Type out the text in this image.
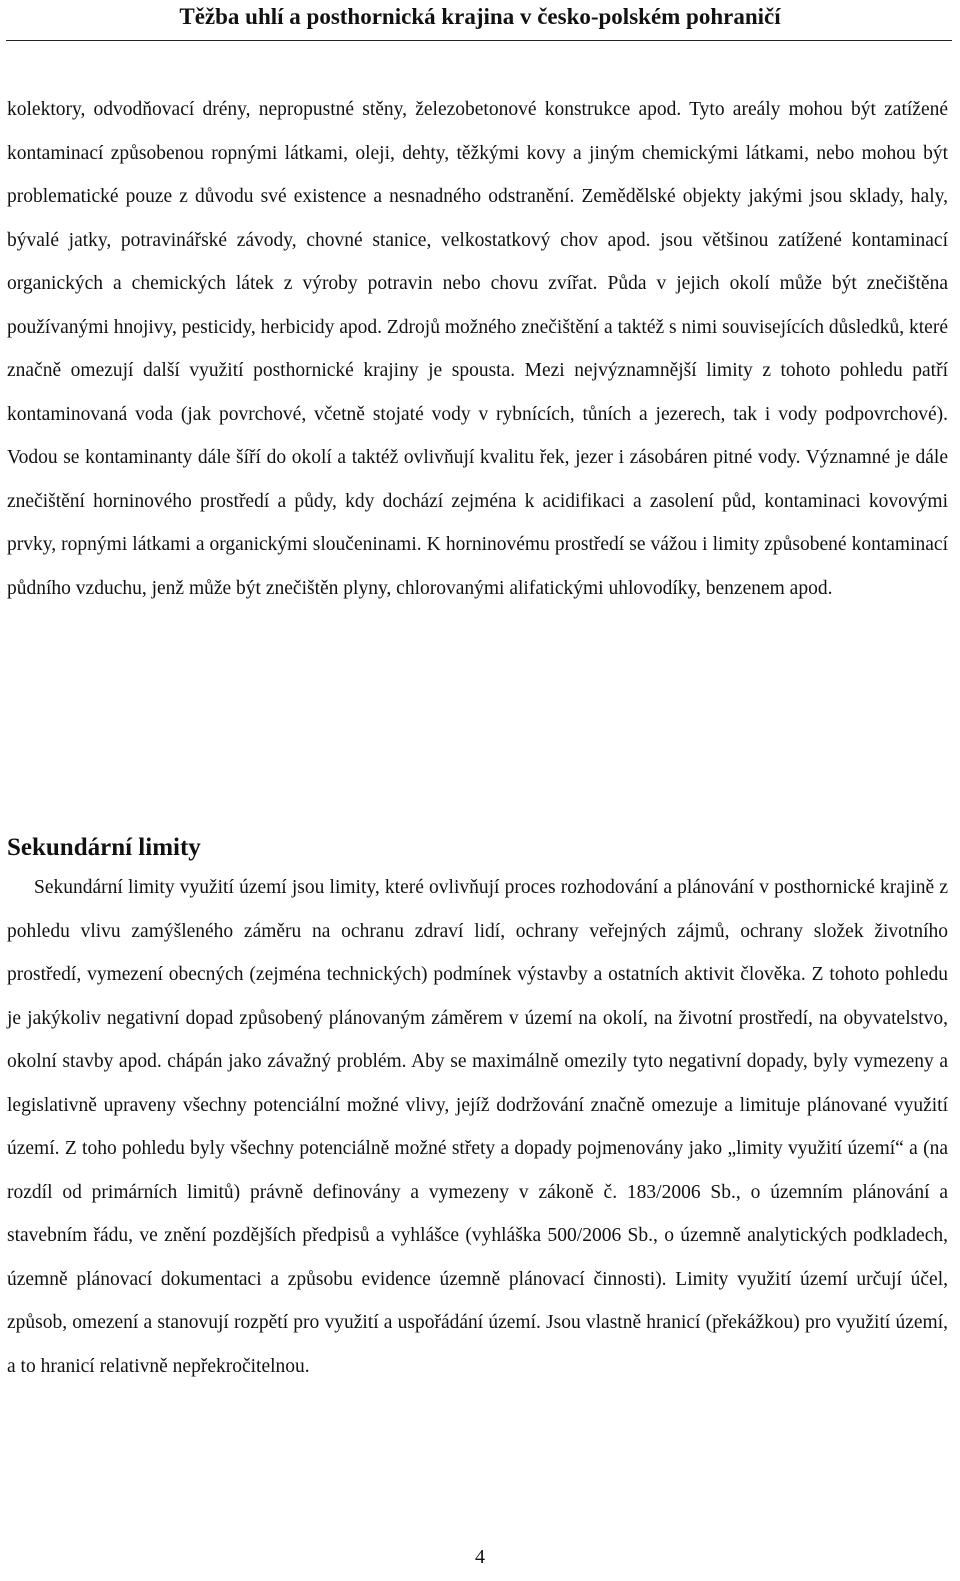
Těžba uhlí a posthornická krajina v česko-polském pohraničí

kolektory, odvodňovací drény, nepropustné stěny, železobetonové konstrukce apod. Tyto areály mohou být zatížené kontaminací způsobenou ropnými látkami, oleji, dehty, těžkými kovy a jiným chemickými látkami, nebo mohou být problematické pouze z důvodu své existence a nesnadného odstranění. Zemědělské objekty jakými jsou sklady, haly, bývalé jatky, potravinářské závody, chovné stanice, velkostatkový chov apod. jsou většinou zatížené kontaminací organických a chemických látek z výroby potravin nebo chovu zvířat. Půda v jejich okolí může být znečištěna používanými hnojivy, pesticidy, herbicidy apod. Zdrojů možného znečištění a taktéž s nimi souvisejících důsledků, které značně omezují další využití posthornické krajiny je spousta. Mezi nejvýznamnější limity z tohoto pohledu patří kontaminovaná voda (jak povrchové, včetně stojaté vody v rybnících, tůních a jezerech, tak i vody podpovrchové). Vodou se kontaminanty dále šíří do okolí a taktéž ovlivňují kvalitu řek, jezer i zásobáren pitné vody. Významné je dále znečištění horninového prostředí a půdy, kdy dochází zejména k acidifikaci a zasolení půd, kontaminaci kovovými prvky, ropnými látkami a organickými sloučeninami. K horninovému prostředí se vážou i limity způsobené kontaminací půdního vzduchu, jenž může být znečištěn plyny, chlorovanými alifatickými uhlovodíky, benzenem apod.

Sekundární limity

Sekundární limity využití území jsou limity, které ovlivňují proces rozhodování a plánování v posthornické krajině z pohledu vlivu zamýšleného záměru na ochranu zdraví lidí, ochrany veřejných zájmů, ochrany složek životního prostředí, vymezení obecných (zejména technických) podmínek výstavby a ostatních aktivit člověka. Z tohoto pohledu je jakýkoliv negativní dopad způsobený plánovaným záměrem v území na okolí, na životní prostředí, na obyvatelstvo, okolní stavby apod. chápán jako závažný problém. Aby se maximálně omezily tyto negativní dopady, byly vymezeny a legislativně upraveny všechny potenciální možné vlivy, jejíž dodržování značně omezuje a limituje plánované využití území. Z toho pohledu byly všechny potenciálně možné střety a dopady pojmenovány jako „limity využití území“ a (na rozdíl od primárních limitů) právně definovány a vymezeny v zákoně č. 183/2006 Sb., o územním plánování a stavebním řádu, ve znění pozdějších předpisů a vyhlášce (vyhláška 500/2006 Sb., o územně analytických podkladech, územně plánovací dokumentaci a způsobu evidence územně plánovací činnosti). Limity využití území určují účel, způsob, omezení a stanovují rozpětí pro využití a uspořádání území. Jsou vlastně hranicí (překážkou) pro využití území, a to hranicí relativně nepřekročitelnou.

4
